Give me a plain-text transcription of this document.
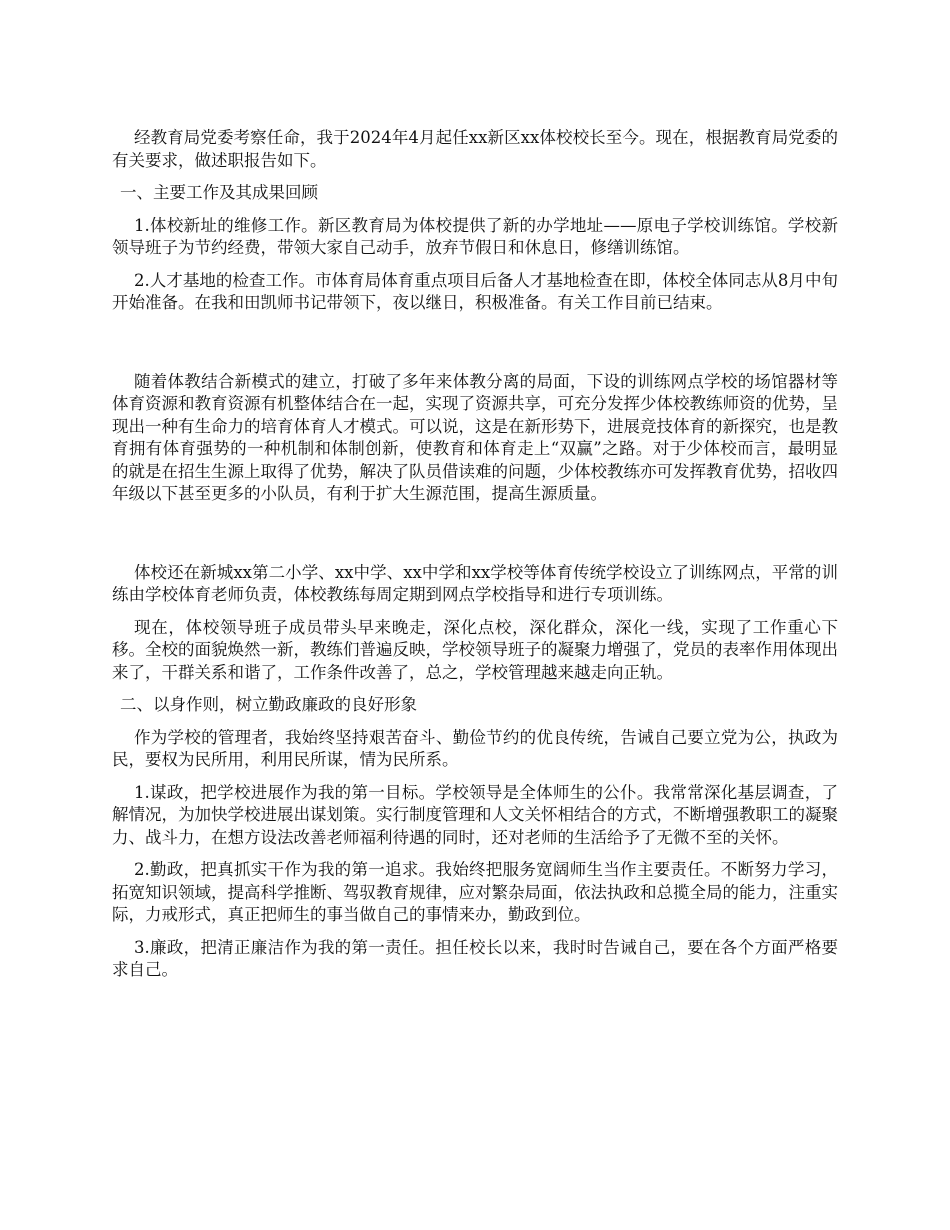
经教育局党委考察任命，我于2024年4月起任xx新区xx体校校长至今。现在，根据教育局党委的有关要求，做述职报告如下。

一、主要工作及其成果回顾

1.体校新址的维修工作。新区教育局为体校提供了新的办学地址——原电子学校训练馆。学校新领导班子为节约经费，带领大家自己动手，放弃节假日和休息日，修缮训练馆。

2.人才基地的检查工作。市体育局体育重点项目后备人才基地检查在即，体校全体同志从8月中旬开始准备。在我和田凯师书记带领下，夜以继日，积极准备。有关工作目前已结束。

随着体教结合新模式的建立，打破了多年来体教分离的局面，下设的训练网点学校的场馆器材等体育资源和教育资源有机整体结合在一起，实现了资源共享，可充分发挥少体校教练师资的优势，呈现出一种有生命力的培育体育人才模式。可以说，这是在新形势下，进展竞技体育的新探究，也是教育拥有体育强势的一种机制和体制创新，使教育和体育走上“双赢”之路。对于少体校而言，最明显的就是在招生生源上取得了优势，解决了队员借读难的问题，少体校教练亦可发挥教育优势，招收四年级以下甚至更多的小队员，有利于扩大生源范围，提高生源质量。

体校还在新城xx第二小学、xx中学、xx中学和xx学校等体育传统学校设立了训练网点，平常的训练由学校体育老师负责，体校教练每周定期到网点学校指导和进行专项训练。

现在，体校领导班子成员带头早来晚走，深化点校，深化群众，深化一线，实现了工作重心下移。全校的面貌焕然一新，教练们普遍反映，学校领导班子的凝聚力增强了，党员的表率作用体现出来了，干群关系和谐了，工作条件改善了，总之，学校管理越来越走向正轨。

二、以身作则，树立勤政廉政的良好形象

作为学校的管理者，我始终坚持艰苦奋斗、勤俭节约的优良传统，告诫自己要立党为公，执政为民，要权为民所用，利用民所谋，情为民所系。

1.谋政，把学校进展作为我的第一目标。学校领导是全体师生的公仆。我常常深化基层调查，了解情况，为加快学校进展出谋划策。实行制度管理和人文关怀相结合的方式，不断增强教职工的凝聚力、战斗力，在想方设法改善老师福利待遇的同时，还对老师的生活给予了无微不至的关怀。

2.勤政，把真抓实干作为我的第一追求。我始终把服务宽阔师生当作主要责任。不断努力学习，拓宽知识领域，提高科学推断、驾驭教育规律，应对繁杂局面，依法执政和总揽全局的能力，注重实际，力戒形式，真正把师生的事当做自己的事情来办，勤政到位。

3.廉政，把清正廉洁作为我的第一责任。担任校长以来，我时时告诫自己，要在各个方面严格要求自己。
